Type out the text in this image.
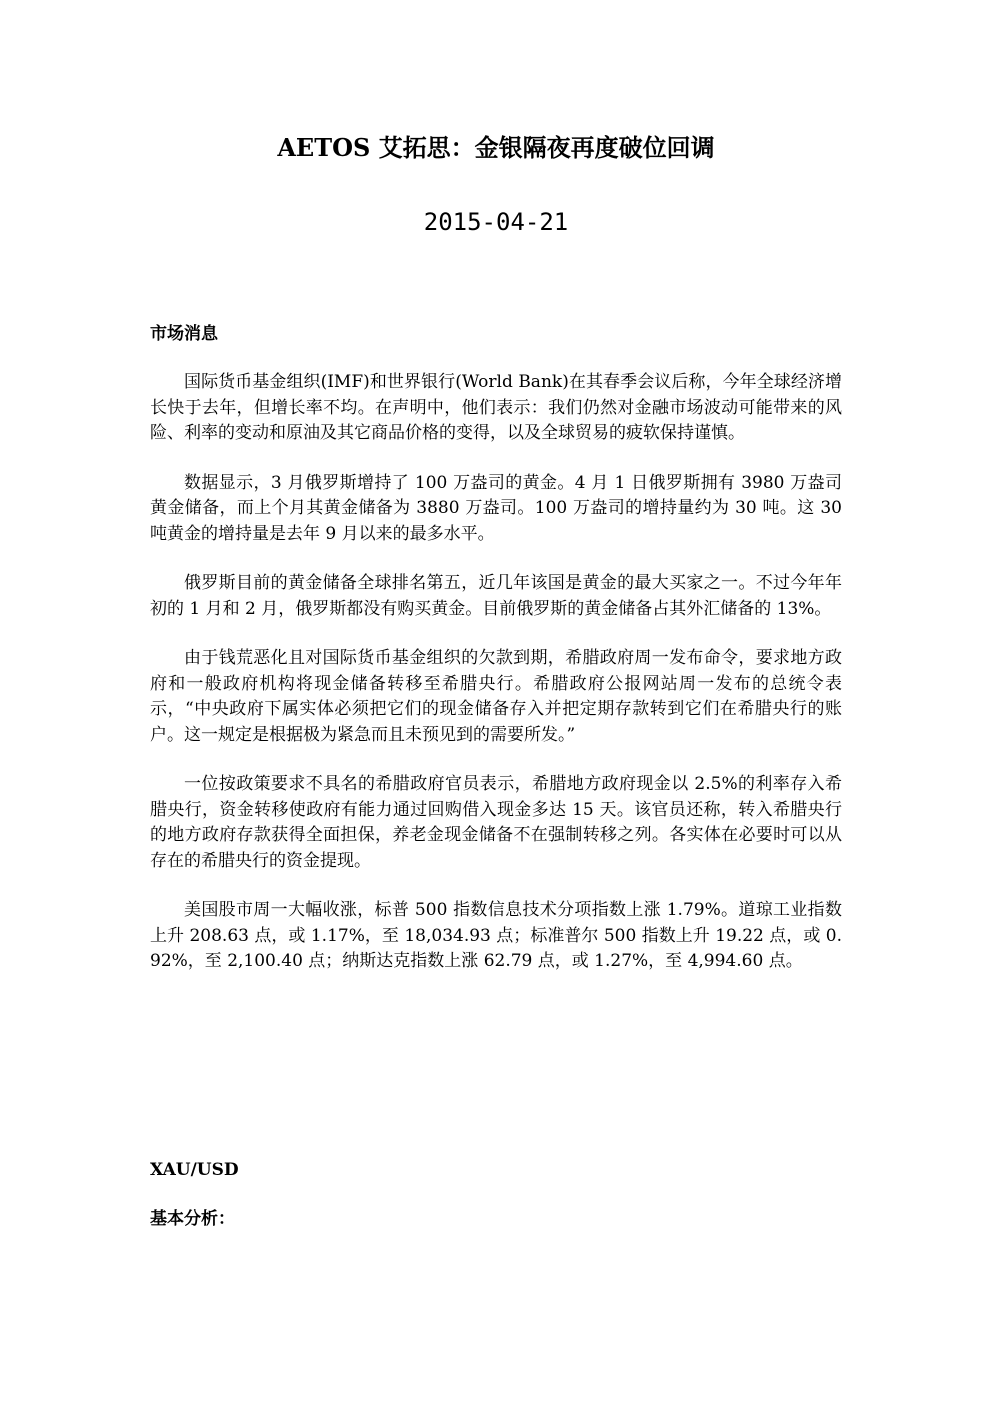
AETOS 艾拓思：金银隔夜再度破位回调
2015-04-21
市场消息

国际货币基金组织(IMF)和世界银行(World Bank)在其春季会议后称，今年全球经济增长快于去年，但增长率不均。在声明中，他们表示：我们仍然对金融市场波动可能带来的风险、利率的变动和原油及其它商品价格的变得，以及全球贸易的疲软保持谨慎。

数据显示，3 月俄罗斯增持了 100 万盎司的黄金。4 月 1 日俄罗斯拥有 3980 万盎司黄金储备，而上个月其黄金储备为 3880 万盎司。100 万盎司的增持量约为 30 吨。这 30 吨黄金的增持量是去年 9 月以来的最多水平。

俄罗斯目前的黄金储备全球排名第五，近几年该国是黄金的最大买家之一。不过今年年初的 1 月和 2 月，俄罗斯都没有购买黄金。目前俄罗斯的黄金储备占其外汇储备的 13%。

由于钱荒恶化且对国际货币基金组织的欠款到期，希腊政府周一发布命令，要求地方政府和一般政府机构将现金储备转移至希腊央行。希腊政府公报网站周一发布的总统令表示，“中央政府下属实体必须把它们的现金储备存入并把定期存款转到它们在希腊央行的账户。这一规定是根据极为紧急而且未预见到的需要所发。”

一位按政策要求不具名的希腊政府官员表示，希腊地方政府现金以 2.5%的利率存入希腊央行，资金转移使政府有能力通过回购借入现金多达 15 天。该官员还称，转入希腊央行的地方政府存款获得全面担保，养老金现金储备不在强制转移之列。各实体在必要时可以从存在的希腊央行的资金提现。

美国股市周一大幅收涨，标普 500 指数信息技术分项指数上涨 1.79%。道琼工业指数上升 208.63 点，或 1.17%，至 18,034.93 点；标准普尔 500 指数上升 19.22 点，或 0.92%，至 2,100.40 点；纳斯达克指数上涨 62.79 点，或 1.27%，至 4,994.60 点。

XAU/USD
基本分析：
